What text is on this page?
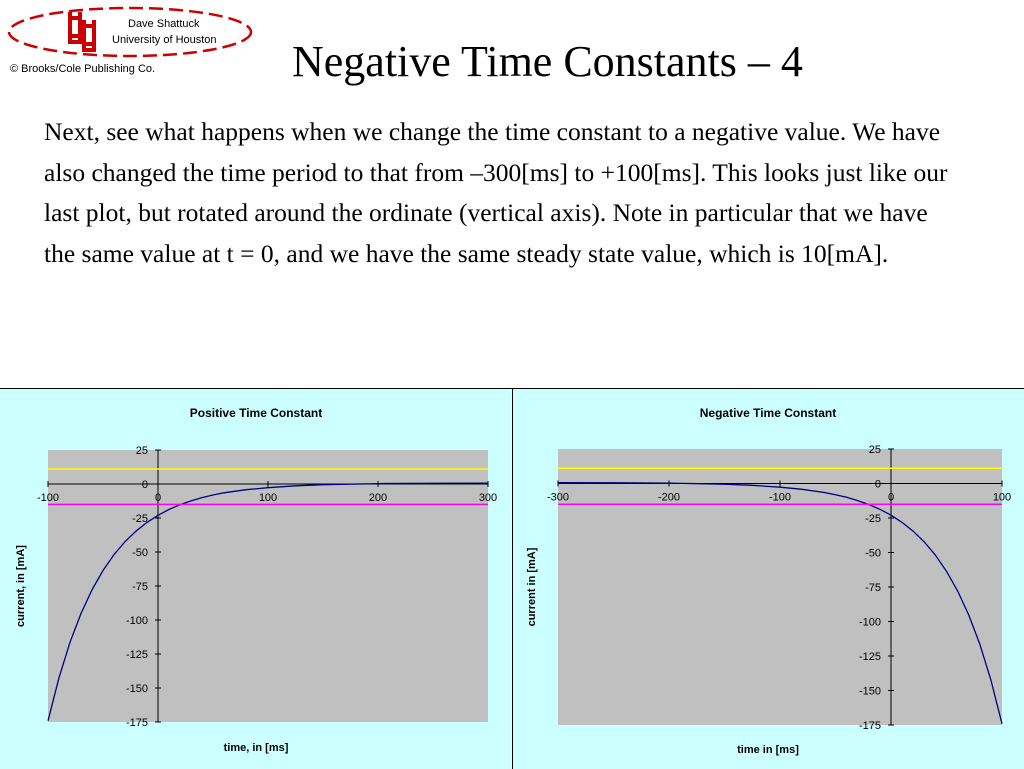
Dave Shattuck
University of Houston
© Brooks/Cole Publishing Co.	Negative Time Constants – 4

Next, see what happens when we change the time constant to a negative value. We have also changed the time period to that from –300[ms] to +100[ms]. This looks just like our last plot, but rotated around the ordinate (vertical axis). Note in particular that we have the same value at t = 0, and we have the same steady state value, which is 10[mA].

-100	0	100	200	300
25
0
-25
-50
-75
-100
-125
-150
-175
Positive Time Constant
time, in [ms]
current, in [mA]
-300	-200	-100	0	100
25
0
-25
-50
-75
-100
-125
-150
-175
Negative Time Constant
time in [ms]
current in [mA]
